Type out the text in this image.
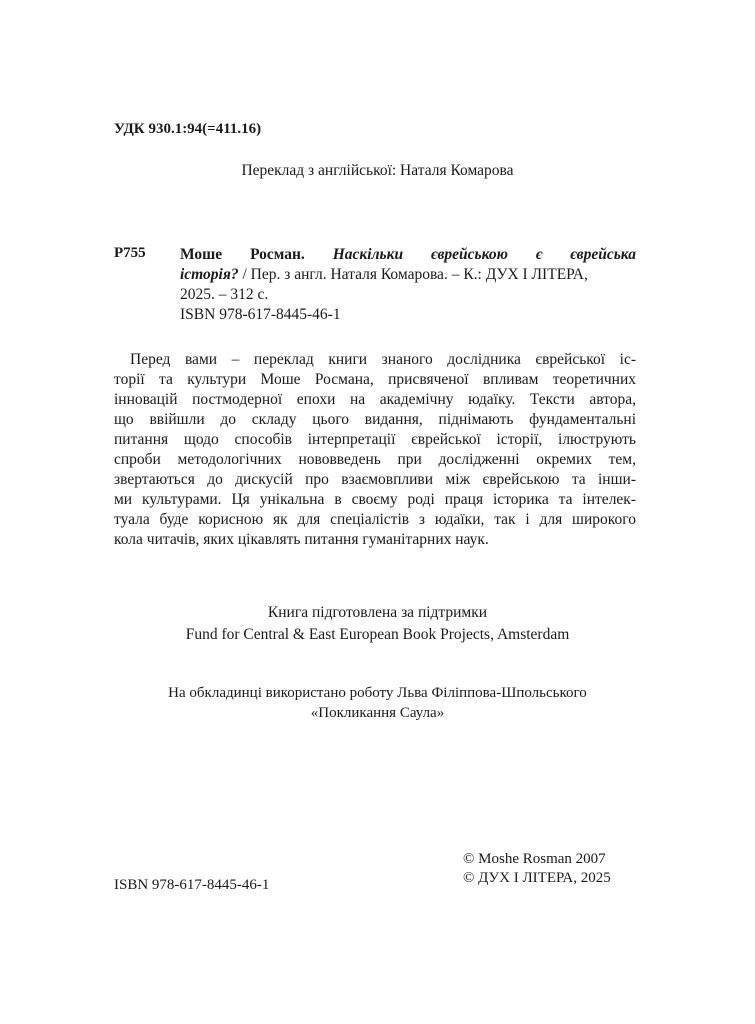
УДК 930.1:94(=411.16)
Переклад з англійської: Наталя Комарова
Р755 Моше Росман. Наскільки єврейською є єврейська
історія? / Пер. з англ. Наталя Комарова. – К.: ДУХ І ЛІТЕРА,
2025. – 312 с.
ISBN 978-617-8445-46-1
Перед вами – переклад книги знаного дослідника єврейської іс-
торії та культури Моше Росмана, присвяченої впливам теоретичних
інновацій постмодерної епохи на академічну юдаїку. Тексти автора,
що ввійшли до складу цього видання, піднімають фундаментальні
питання щодо способів інтерпретації єврейської історії, ілюструють
спроби методологічних нововведень при дослідженні окремих тем,
звертаються до дискусій про взаємовпливи між єврейською та інши-
ми культурами. Ця унікальна в своєму роді праця історика та інтелек-
туала буде корисною як для спеціалістів з юдаїки, так і для широкого
кола читачів, яких цікавлять питання гуманітарних наук.
Книга підготовлена за підтримки
Fund for Central & East European Book Projects, Amsterdam
На обкладинці використано роботу Льва Філіппова-Шпольського
«Покликання Саула»
© Moshe Rosman 2007
© ДУХ І ЛІТЕРА, 2025
ISBN 978-617-8445-46-1
